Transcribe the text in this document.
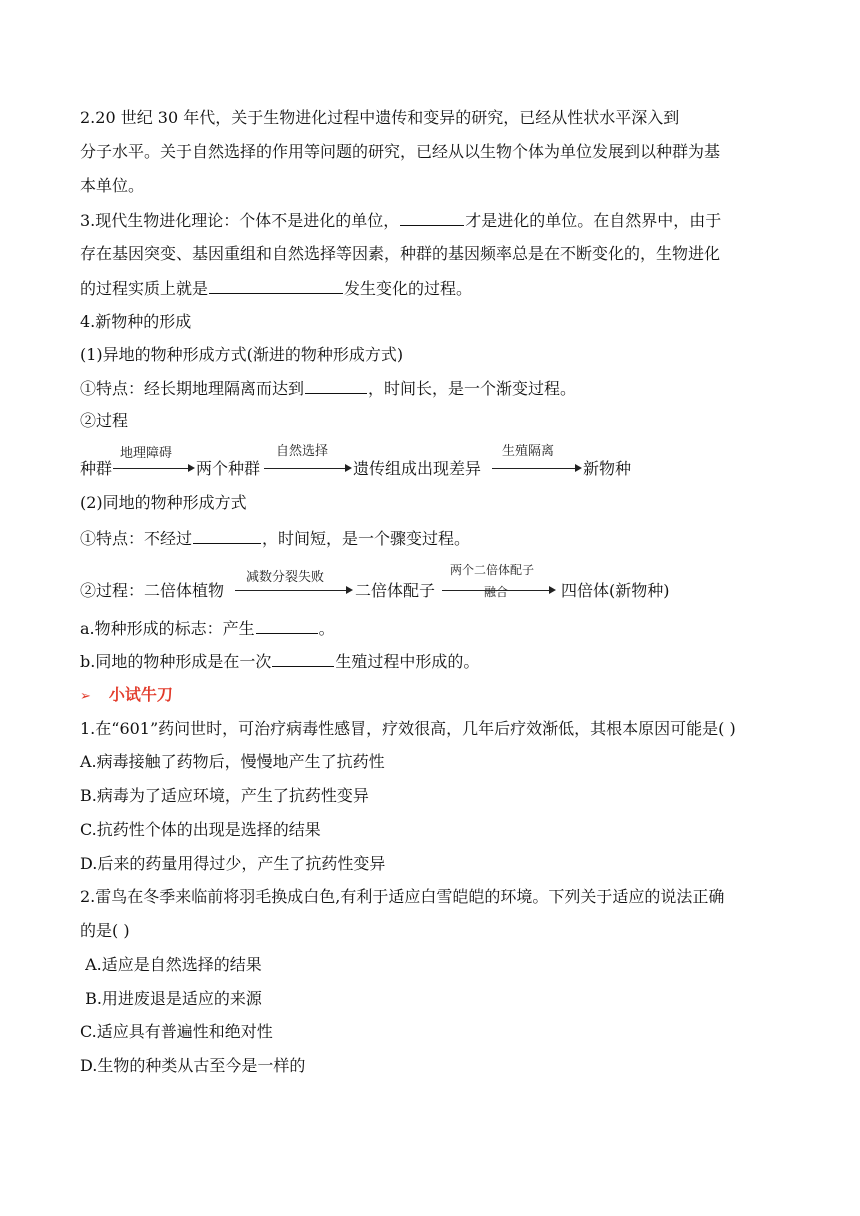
2.20 世纪 30 年代，关于生物进化过程中遗传和变异的研究，已经从性状水平深入到
分子水平。关于自然选择的作用等问题的研究，已经从以生物个体为单位发展到以种群为基
本单位。
3.现代生物进化理论：个体不是进化的单位，	才是进化的单位。在自然界中，由于
存在基因突变、基因重组和自然选择等因素，种群的基因频率总是在不断变化的，生物进化
的过程实质上就是	发生变化的过程。
4.新物种的形成
(1)异地的物种形成方式(渐进的物种形成方式)
①特点：经长期地理隔离而达到	，时间长，是一个渐变过程。
②过程
种群
地理障碍
两个种群
自然选择
遗传组成出现差异
生殖隔离
新物种
(2)同地的物种形成方式
①特点：不经过	，时间短，是一个骤变过程。
②过程：二倍体植物
减数分裂失败
二倍体配子
两个二倍体配子
融合	四倍体(新物种)
a.物种形成的标志：产生	。
b.同地的物种形成是在一次	生殖过程中形成的。
➢ 小试牛刀
1.在“601”药问世时，可治疗病毒性感冒，疗效很高，几年后疗效渐低，其根本原因可能是( )
A.病毒接触了药物后，慢慢地产生了抗药性
B.病毒为了适应环境，产生了抗药性变异
C.抗药性个体的出现是选择的结果
D.后来的药量用得过少，产生了抗药性变异
2.雷鸟在冬季来临前将羽毛换成白色,有利于适应白雪皑皑的环境。下列关于适应的说法正确
的是( )
A.适应是自然选择的结果
B.用进废退是适应的来源
C.适应具有普遍性和绝对性
D.生物的种类从古至今是一样的
